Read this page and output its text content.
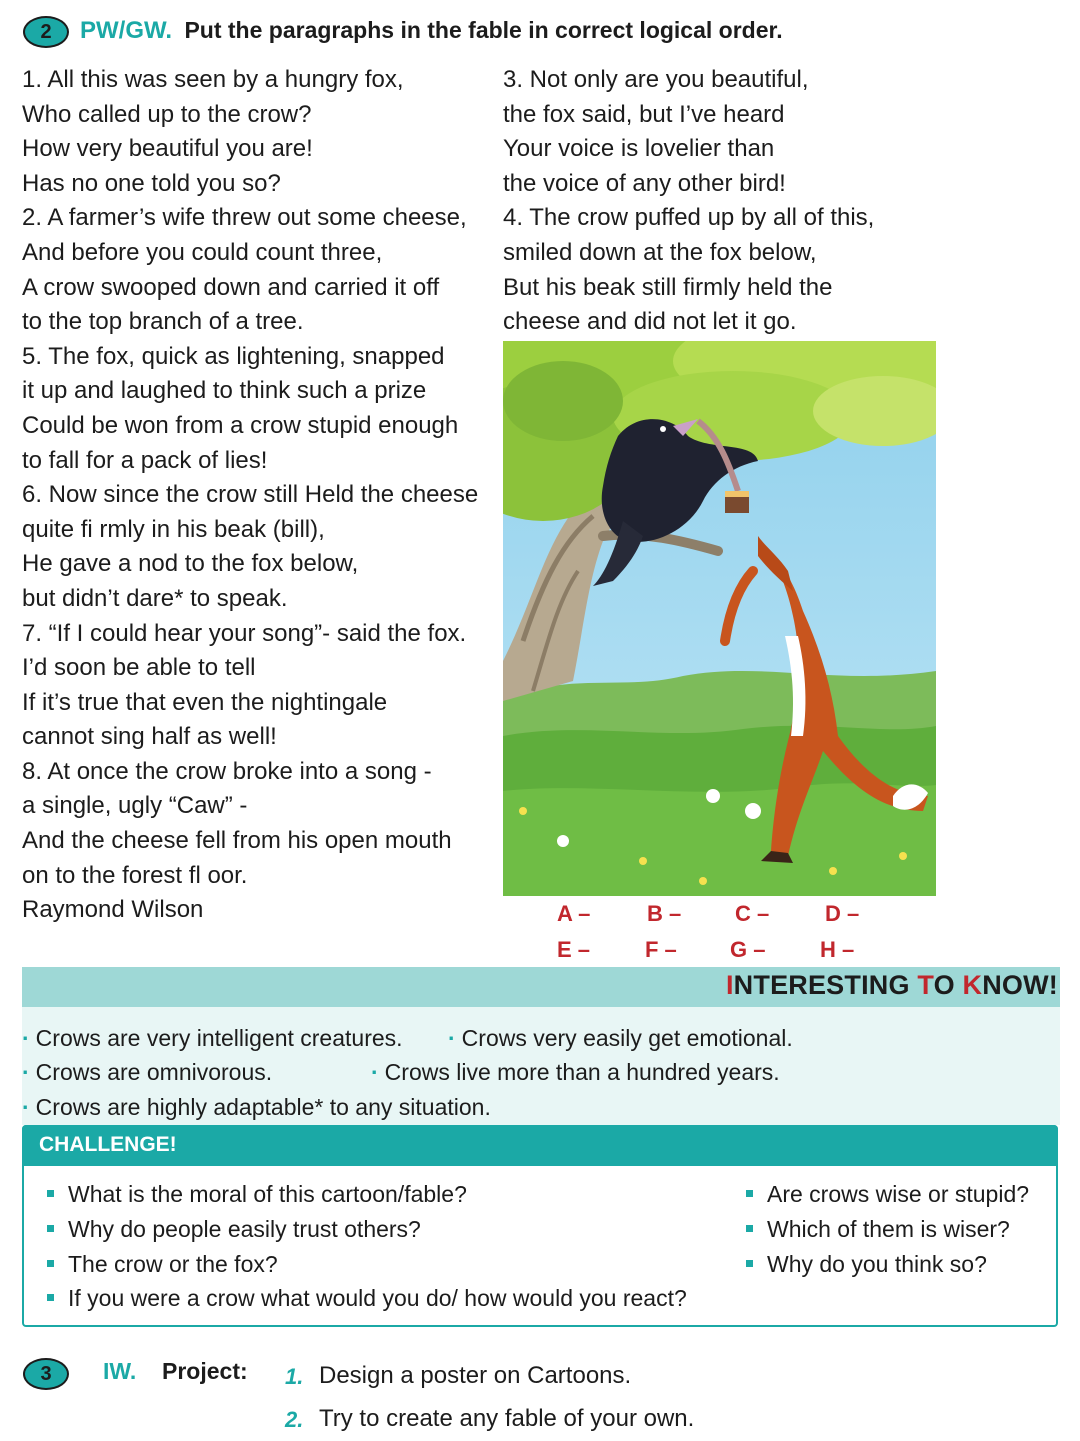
2	PW/GW. Put the paragraphs in the fable in correct logical order.
1. All this was seen by a hungry fox,
Who called up to the crow?
How very beautiful you are!
Has no one told you so?
2. A farmer’s wife threw out some cheese,
And before you could count three,
A crow swooped down and carried it off
to the top branch of a tree.
5. The fox, quick as lightening, snapped
it up and laughed to think such a prize
Could be won from a crow stupid enough
to fall for a pack of lies!
6. Now since the crow still Held the cheese
quite fi rmly in his beak (bill),
He gave a nod to the fox below,
but didn’t dare* to speak.
7. “If I could hear your song”- said the fox.
I’d soon be able to tell
If it’s true that even the nightingale
cannot sing half as well!
8. At once the crow broke into a song -
a single, ugly “Caw” -
And the cheese fell from his open mouth
on to the forest fl oor.
Raymond Wilson
3. Not only are you beautiful,
the fox said, but I’ve heard
Your voice is lovelier than
the voice of any other bird!
4. The crow puffed up by all of this,
smiled down at the fox below,
But his beak still firmly held the
cheese and did not let it go.
A –	B – C –	D –
E – F – G – H –
INTERESTING TO KNOW!
· Crows are very intelligent creatures. · Crows very easily get emotional.
· Crows are omnivorous.	· Crows live more than a hundred years.
· Crows are highly adaptable* to any situation.
CHALLENGE!
What is the moral of this cartoon/fable?
Why do people easily trust others?
The crow or the fox?
If you were a crow what would you do/ how would you react?
Are crows wise or stupid?
Which of them is wiser?
Why do you think so?
3	IW. Project: 1. Design a poster on Cartoons.
2. Try to create any fable of your own.
